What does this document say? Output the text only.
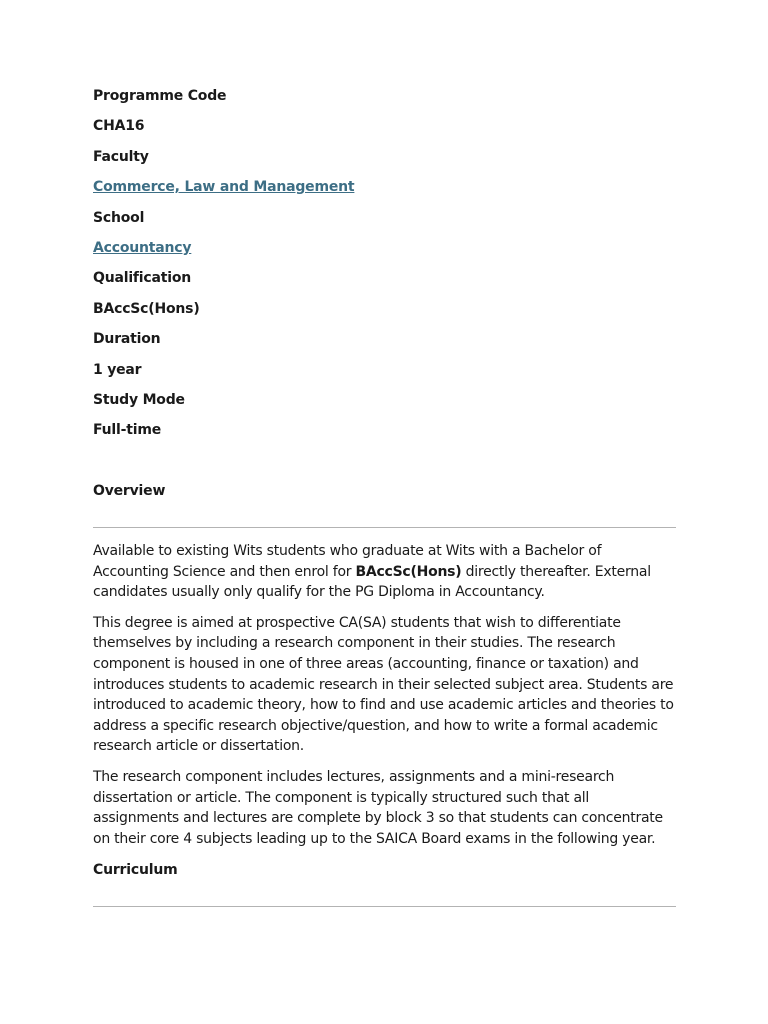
Programme Code
CHA16
Faculty
Commerce, Law and Management
School
Accountancy
Qualification
BAccSc(Hons)
Duration
1 year
Study Mode
Full-time
Overview

Available to existing Wits students who graduate at Wits with a Bachelor of Accounting Science and then enrol for BAccSc(Hons) directly thereafter. External candidates usually only qualify for the PG Diploma in Accountancy.

This degree is aimed at prospective CA(SA) students that wish to differentiate themselves by including a research component in their studies. The research component is housed in one of three areas (accounting, finance or taxation) and introduces students to academic research in their selected subject area. Students are introduced to academic theory, how to find and use academic articles and theories to address a specific research objective/question, and how to write a formal academic research article or dissertation.

The research component includes lectures, assignments and a mini-research dissertation or article. The component is typically structured such that all assignments and lectures are complete by block 3 so that students can concentrate on their core 4 subjects leading up to the SAICA Board exams in the following year.

Curriculum
